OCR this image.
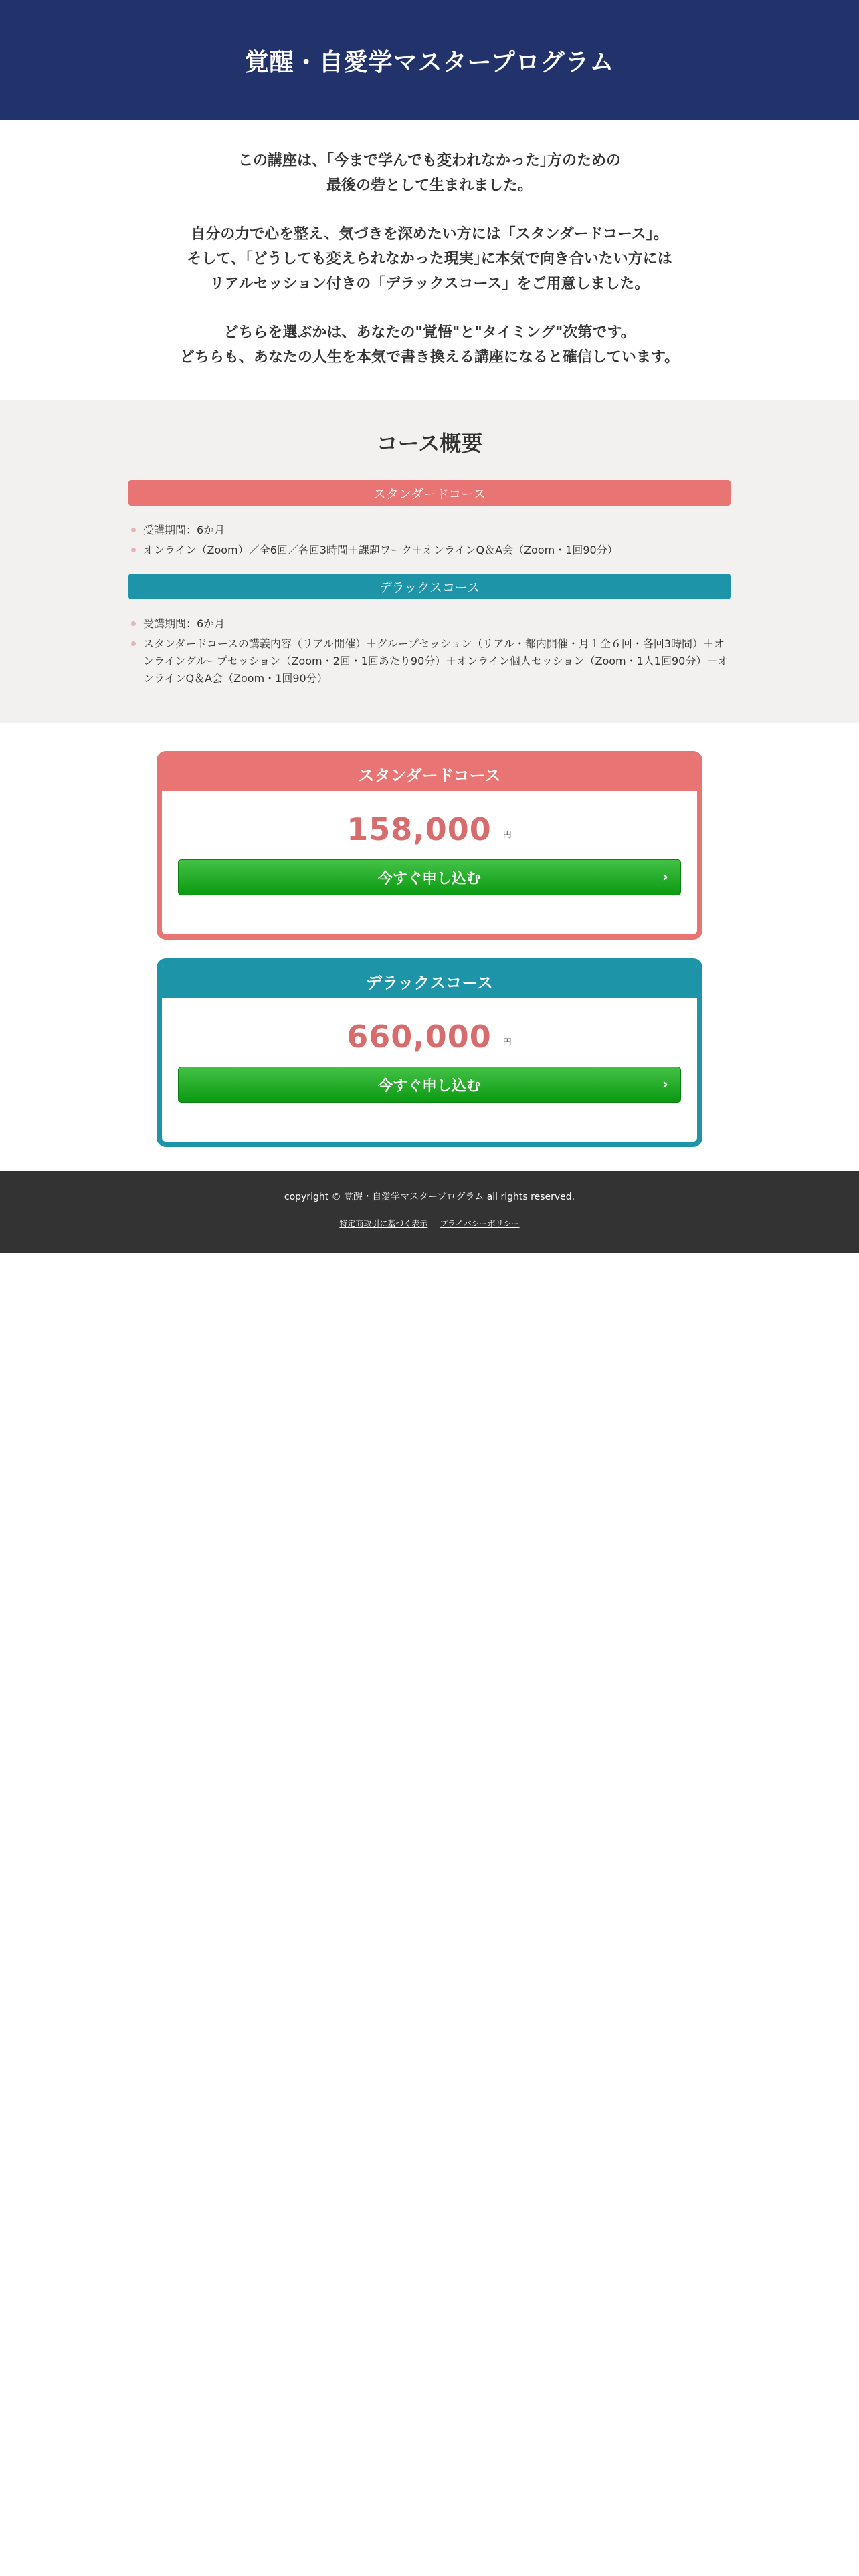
覚醒・自愛学マスタープログラム

この講座は、｢今まで学んでも変われなかった｣方のための
最後の砦として生まれました。

自分の力で心を整え、気づきを深めたい方には「スタンダードコース」。
そして、｢どうしても変えられなかった現実｣に本気で向き合いたい方には
リアルセッション付きの「デラックスコース」をご用意しました。

どちらを選ぶかは、あなたの"覚悟"と"タイミング"次第です。
どちらも、あなたの人生を本気で書き換える講座になると確信しています。

コース概要
スタンダードコース
受講期間：6か月
オンライン（Zoom）／全6回／各回3時間＋課題ワーク＋オンラインQ＆A会（Zoom・1回90分）
デラックスコース
受講期間：6か月
スタンダードコースの講義内容（リアル開催）＋グループセッション（リアル・都内開催・月１全６回・各回3時間）＋オンライングループセッション（Zoom・2回・1回あたり90分）＋オンライン個人セッション（Zoom・1人1回90分）＋オンラインQ＆A会（Zoom・1回90分）
スタンダードコース
158,000 円
今すぐ申し込む	›
デラックスコース
660,000 円
今すぐ申し込む	›
copyright © 覚醒・自愛学マスタープログラム all rights reserved.
特定商取引に基づく表示 プライバシーポリシー
